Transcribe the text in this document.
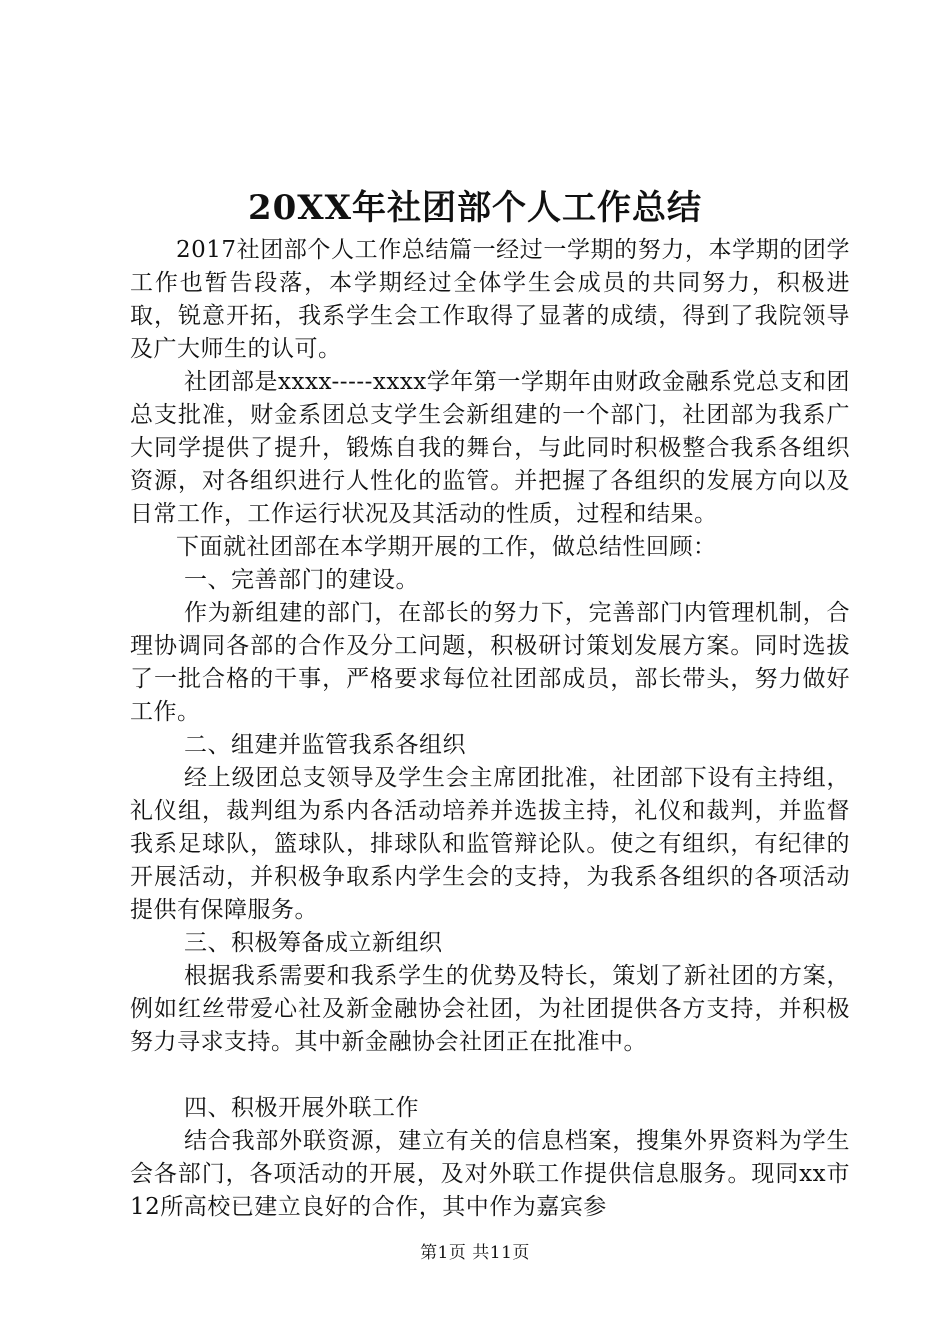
20XX年社团部个人工作总结

2017社团部个人工作总结篇一经过一学期的努力，本学期的团学工作也暂告段落，本学期经过全体学生会成员的共同努力，积极进取，锐意开拓，我系学生会工作取得了显著的成绩，得到了我院领导及广大师生的认可。

社团部是xxxx-----xxxx学年第一学期年由财政金融系党总支和团总支批准，财金系团总支学生会新组建的一个部门，社团部为我系广大同学提供了提升，锻炼自我的舞台，与此同时积极整合我系各组织资源，对各组织进行人性化的监管。并把握了各组织的发展方向以及日常工作，工作运行状况及其活动的性质，过程和结果。

下面就社团部在本学期开展的工作，做总结性回顾：

一、完善部门的建设。

作为新组建的部门，在部长的努力下，完善部门内管理机制，合理协调同各部的合作及分工问题，积极研讨策划发展方案。同时选拔了一批合格的干事，严格要求每位社团部成员，部长带头，努力做好工作。

二、组建并监管我系各组织

经上级团总支领导及学生会主席团批准，社团部下设有主持组，礼仪组，裁判组为系内各活动培养并选拔主持，礼仪和裁判，并监督我系足球队，篮球队，排球队和监管辩论队。使之有组织，有纪律的开展活动，并积极争取系内学生会的支持，为我系各组织的各项活动提供有保障服务。

三、积极筹备成立新组织

根据我系需要和我系学生的优势及特长，策划了新社团的方案，例如红丝带爱心社及新金融协会社团，为社团提供各方支持，并积极努力寻求支持。其中新金融协会社团正在批准中。

四、积极开展外联工作

结合我部外联资源，建立有关的信息档案，搜集外界资料为学生会各部门，各项活动的开展，及对外联工作提供信息服务。现同xx市12所高校已建立良好的合作，其中作为嘉宾参

第1页 共11页
